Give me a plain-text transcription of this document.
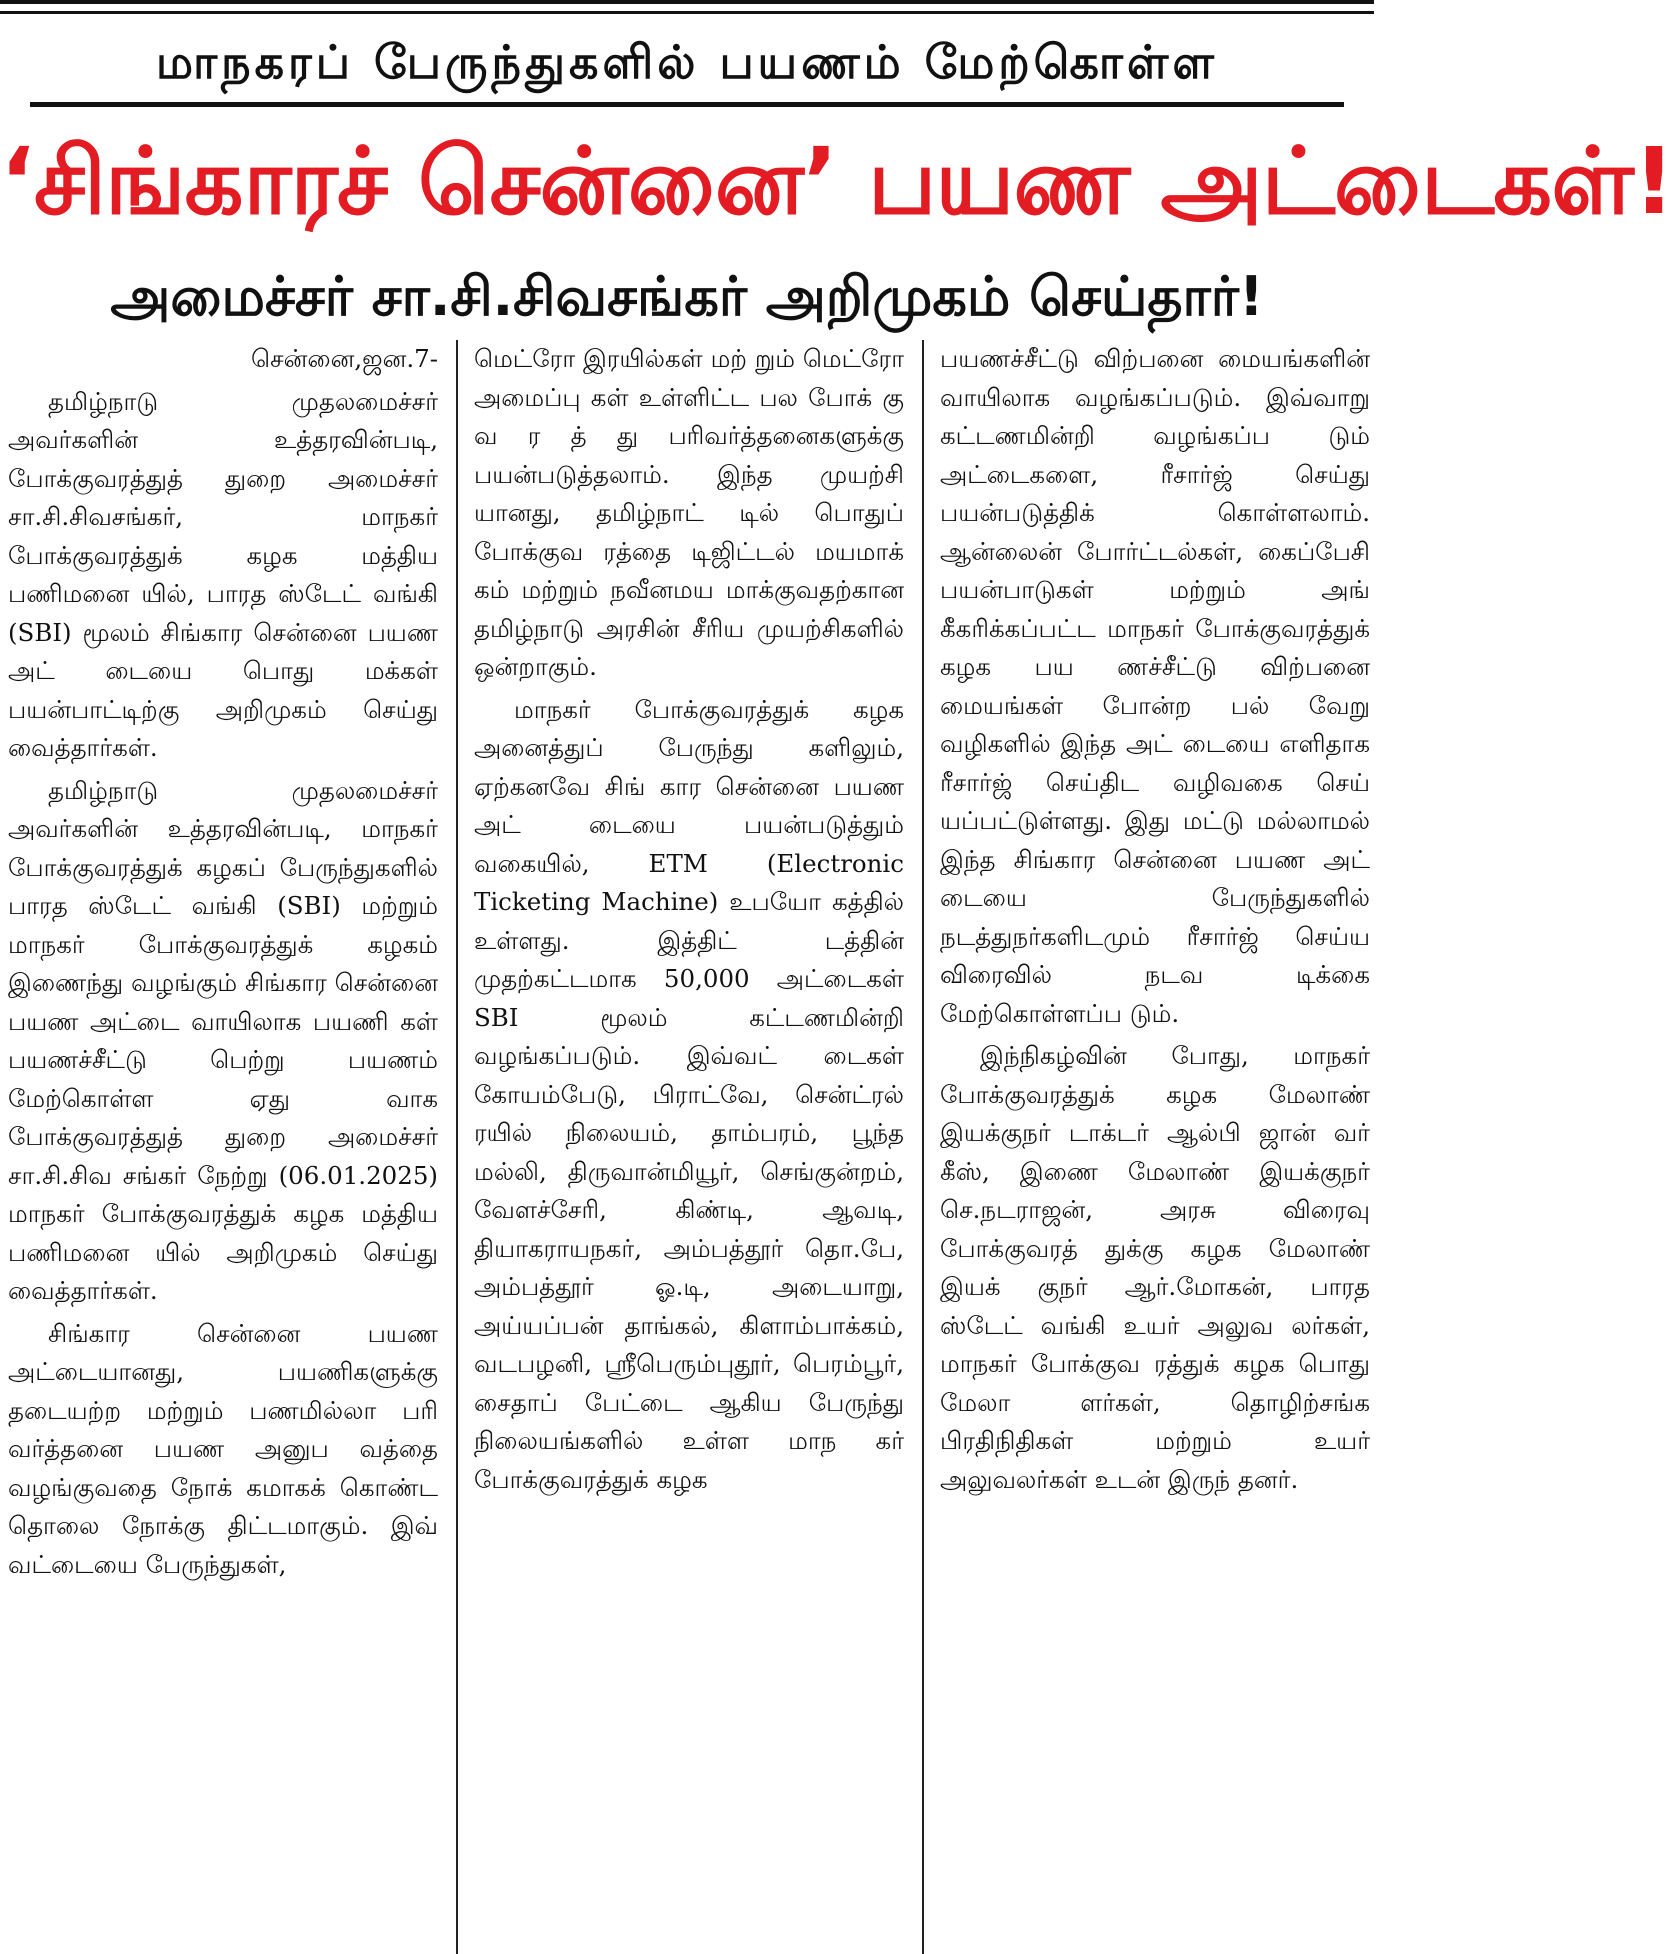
மாநகரப் பேருந்துகளில் பயணம் மேற்கொள்ள
‘சிங்காரச் சென்னை’ பயண அட்டைகள்!
அமைச்சர் சா.சி.சிவசங்கர் அறிமுகம் செய்தார்!
சென்னை,ஜன.7-

தமிழ்நாடு முதலமைச்சர் அவர்களின் உத்தரவின்படி, போக்குவரத்துத் துறை அமைச்சர் சா.சி.சிவசங்கர், மாநகர் போக்குவரத்துக் கழக மத்திய பணிமனை யில், பாரத ஸ்டேட் வங்கி (SBI) மூலம் சிங்கார சென்னை பயண அட் டையை பொது மக்கள் பயன்பாட்டிற்கு அறிமுகம் செய்து வைத்தார்கள்.

தமிழ்நாடு முதலமைச்சர் அவர்களின் உத்தரவின்படி, மாநகர் போக்குவரத்துக் கழகப் பேருந்துகளில் பாரத ஸ்டேட் வங்கி (SBI) மற்றும் மாநகர் போக்குவரத்துக் கழகம் இணைந்து வழங்கும் சிங்கார சென்னை பயண அட்டை வாயிலாக பயணி கள் பயணச்சீட்டு பெற்று பயணம் மேற்கொள்ள ஏது வாக போக்குவரத்துத் துறை அமைச்சர் சா.சி.சிவ சங்கர் நேற்று (06.01.2025) மாநகர் போக்குவரத்துக் கழக மத்திய பணிமனை யில் அறிமுகம் செய்து வைத்தார்கள்.

சிங்கார சென்னை பயண அட்டையானது, பயணிகளுக்கு தடையற்ற மற்றும் பணமில்லா பரி வர்த்தனை பயண அனுப வத்தை வழங்குவதை நோக் கமாகக் கொண்ட தொலை நோக்கு திட்டமாகும். இவ் வட்டையை பேருந்துகள்,

மெட்ரோ இரயில்கள் மற் றும் மெட்ரோ அமைப்பு கள் உள்ளிட்ட பல போக் கு வ ர த் து பரிவர்த்தனைகளுக்கு பயன்படுத்தலாம். இந்த முயற்சி யானது, தமிழ்நாட் டில் பொதுப் போக்குவ ரத்தை டிஜிட்டல் மயமாக் கம் மற்றும் நவீனமய மாக்குவதற்கான தமிழ்நாடு அரசின் சீரிய முயற்சிகளில் ஒன்றாகும்.

மாநகர் போக்குவரத்துக் கழக அனைத்துப் பேருந்து களிலும், ஏற்கனவே சிங் கார சென்னை பயண அட் டையை பயன்படுத்தும் வகையில், ETM (Electronic Ticketing Machine) உபயோ கத்தில் உள்ளது. இத்திட் டத்தின் முதற்கட்டமாக 50,000 அட்டைகள் SBI மூலம் கட்டணமின்றி வழங்கப்படும். இவ்வட் டைகள் கோயம்பேடு, பிராட்வே, சென்ட்ரல் ரயில் நிலையம், தாம்பரம், பூந்த மல்லி, திருவான்மியூர், செங்குன்றம், வேளச்சேரி, கிண்டி, ஆவடி, தியாகராயநகர், அம்பத்தூர் தொ.பே, அம்பத்தூர் ஓ.டி, அடையாறு, அய்யப்பன் தாங்கல், கிளாம்பாக்கம், வடபழனி, ஸ்ரீபெரும்புதூர், பெரம்பூர், சைதாப் பேட்டை ஆகிய பேருந்து நிலையங்களில் உள்ள மாந கர் போக்குவரத்துக் கழக

பயணச்சீட்டு விற்பனை மையங்களின் வாயிலாக வழங்கப்படும். இவ்வாறு கட்டணமின்றி வழங்கப்ப டும் அட்டைகளை, ரீசார்ஜ் செய்து பயன்படுத்திக் கொள்ளலாம். ஆன்லைன் போர்ட்டல்கள், கைப்பேசி பயன்பாடுகள் மற்றும் அங் கீகரிக்கப்பட்ட மாநகர் போக்குவரத்துக் கழக பய ணச்சீட்டு விற்பனை மையங்கள் போன்ற பல் வேறு வழிகளில் இந்த அட் டையை எளிதாக ரீசார்ஜ் செய்திட வழிவகை செய் யப்பட்டுள்ளது. இது மட்டு மல்லாமல் இந்த சிங்கார சென்னை பயண அட் டையை பேருந்துகளில் நடத்துநர்களிடமும் ரீசார்ஜ் செய்ய விரைவில் நடவ டிக்கை மேற்கொள்ளப்ப டும்.

இந்நிகழ்வின் போது, மாநகர் போக்குவரத்துக் கழக மேலாண் இயக்குநர் டாக்டர் ஆல்பி ஜான் வர் கீஸ், இணை மேலாண் இயக்குநர் செ.நடராஜன், அரசு விரைவு போக்குவரத் துக்கு கழக மேலாண் இயக் குநர் ஆர்.மோகன், பாரத ஸ்டேட் வங்கி உயர் அலுவ லர்கள், மாநகர் போக்குவ ரத்துக் கழக பொது மேலா ளர்கள், தொழிற்சங்க பிரதிநிதிகள் மற்றும் உயர் அலுவலர்கள் உடன் இருந் தனர்.
